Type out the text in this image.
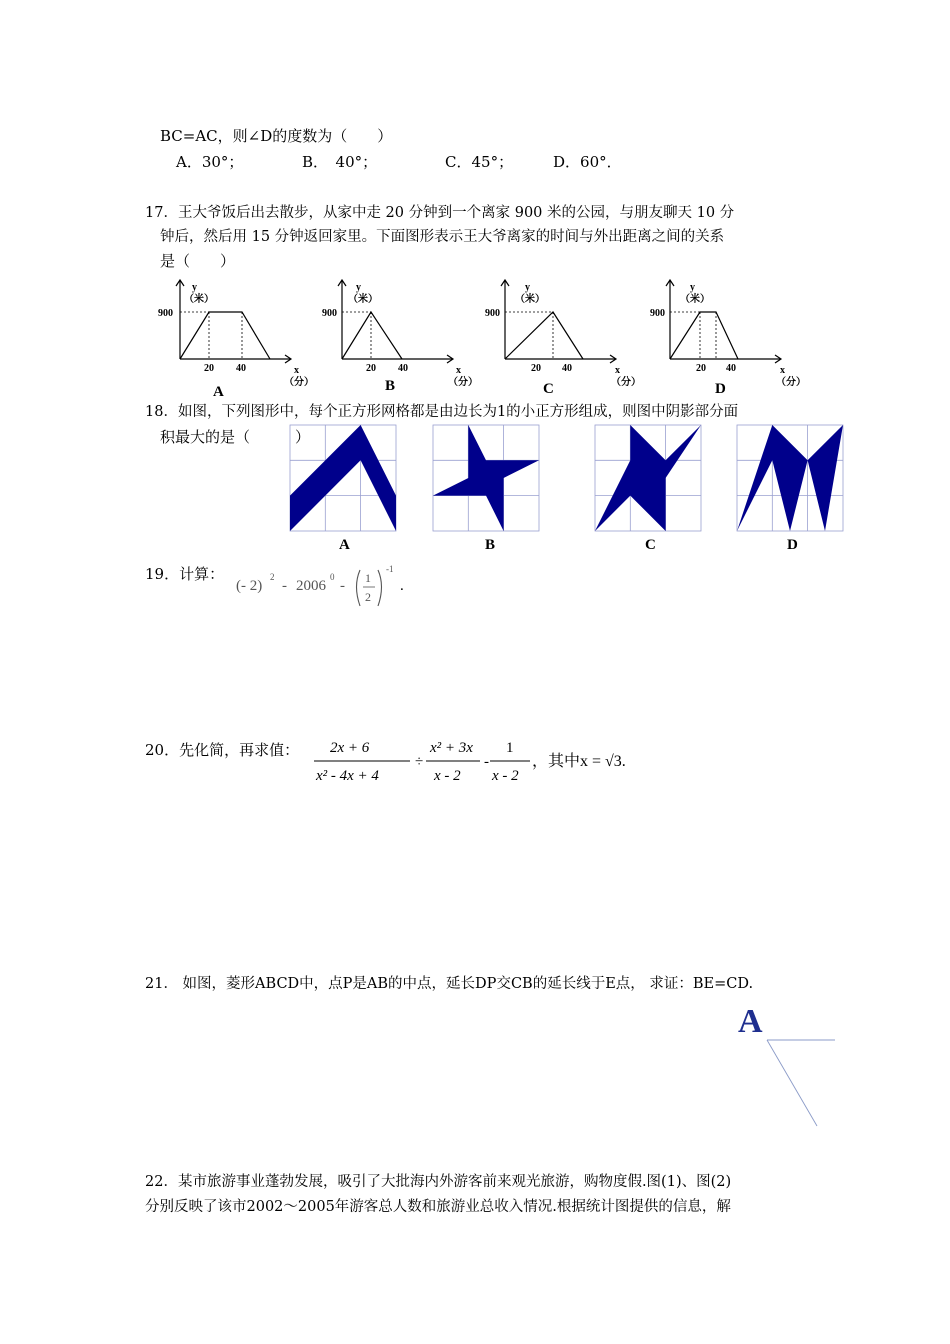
BC=AC，则∠D的度数为（　　）
A．30°；	B．　40°；	C．45°；	D．60°．
17．王大爷饭后出去散步，从家中走 20 分钟到一个离家 900 米的公园，与朋友聊天 10 分
钟后，然后用 15 分钟返回家里。下面图形表示王大爷离家的时间与外出距离之间的关系
是（　　）
y
（米）
900
20 40	x
（分）
A
y
（米）
900
20 40	x
（分）
B
y
（米）
900
20 40	x
（分）
C
y
（米）
900
20 40	x
（分）
D
18．如图，下列图形中，每个正方形网格都是由边长为1的小正方形组成，则图中阴影部分面
积最大的是（　　　）
A	B	C	D
19．计算：
(- 2)
2
- 2006
0
- 1
2
-1
.
20．先化简，再求值： 2x + 6
x² - 4x + 4
÷
x² + 3x
x - 2
-
1
x - 2
，其中x = √3.
21． 如图，菱形ABCD中，点P是AB的中点，延长DP交CB的延长线于E点， 求证：BE=CD.
A
22．某市旅游事业蓬勃发展，吸引了大批海内外游客前来观光旅游，购物度假.图(1)、图(2)
分别反映了该市2002～2005年游客总人数和旅游业总收入情况.根据统计图提供的信息，解
